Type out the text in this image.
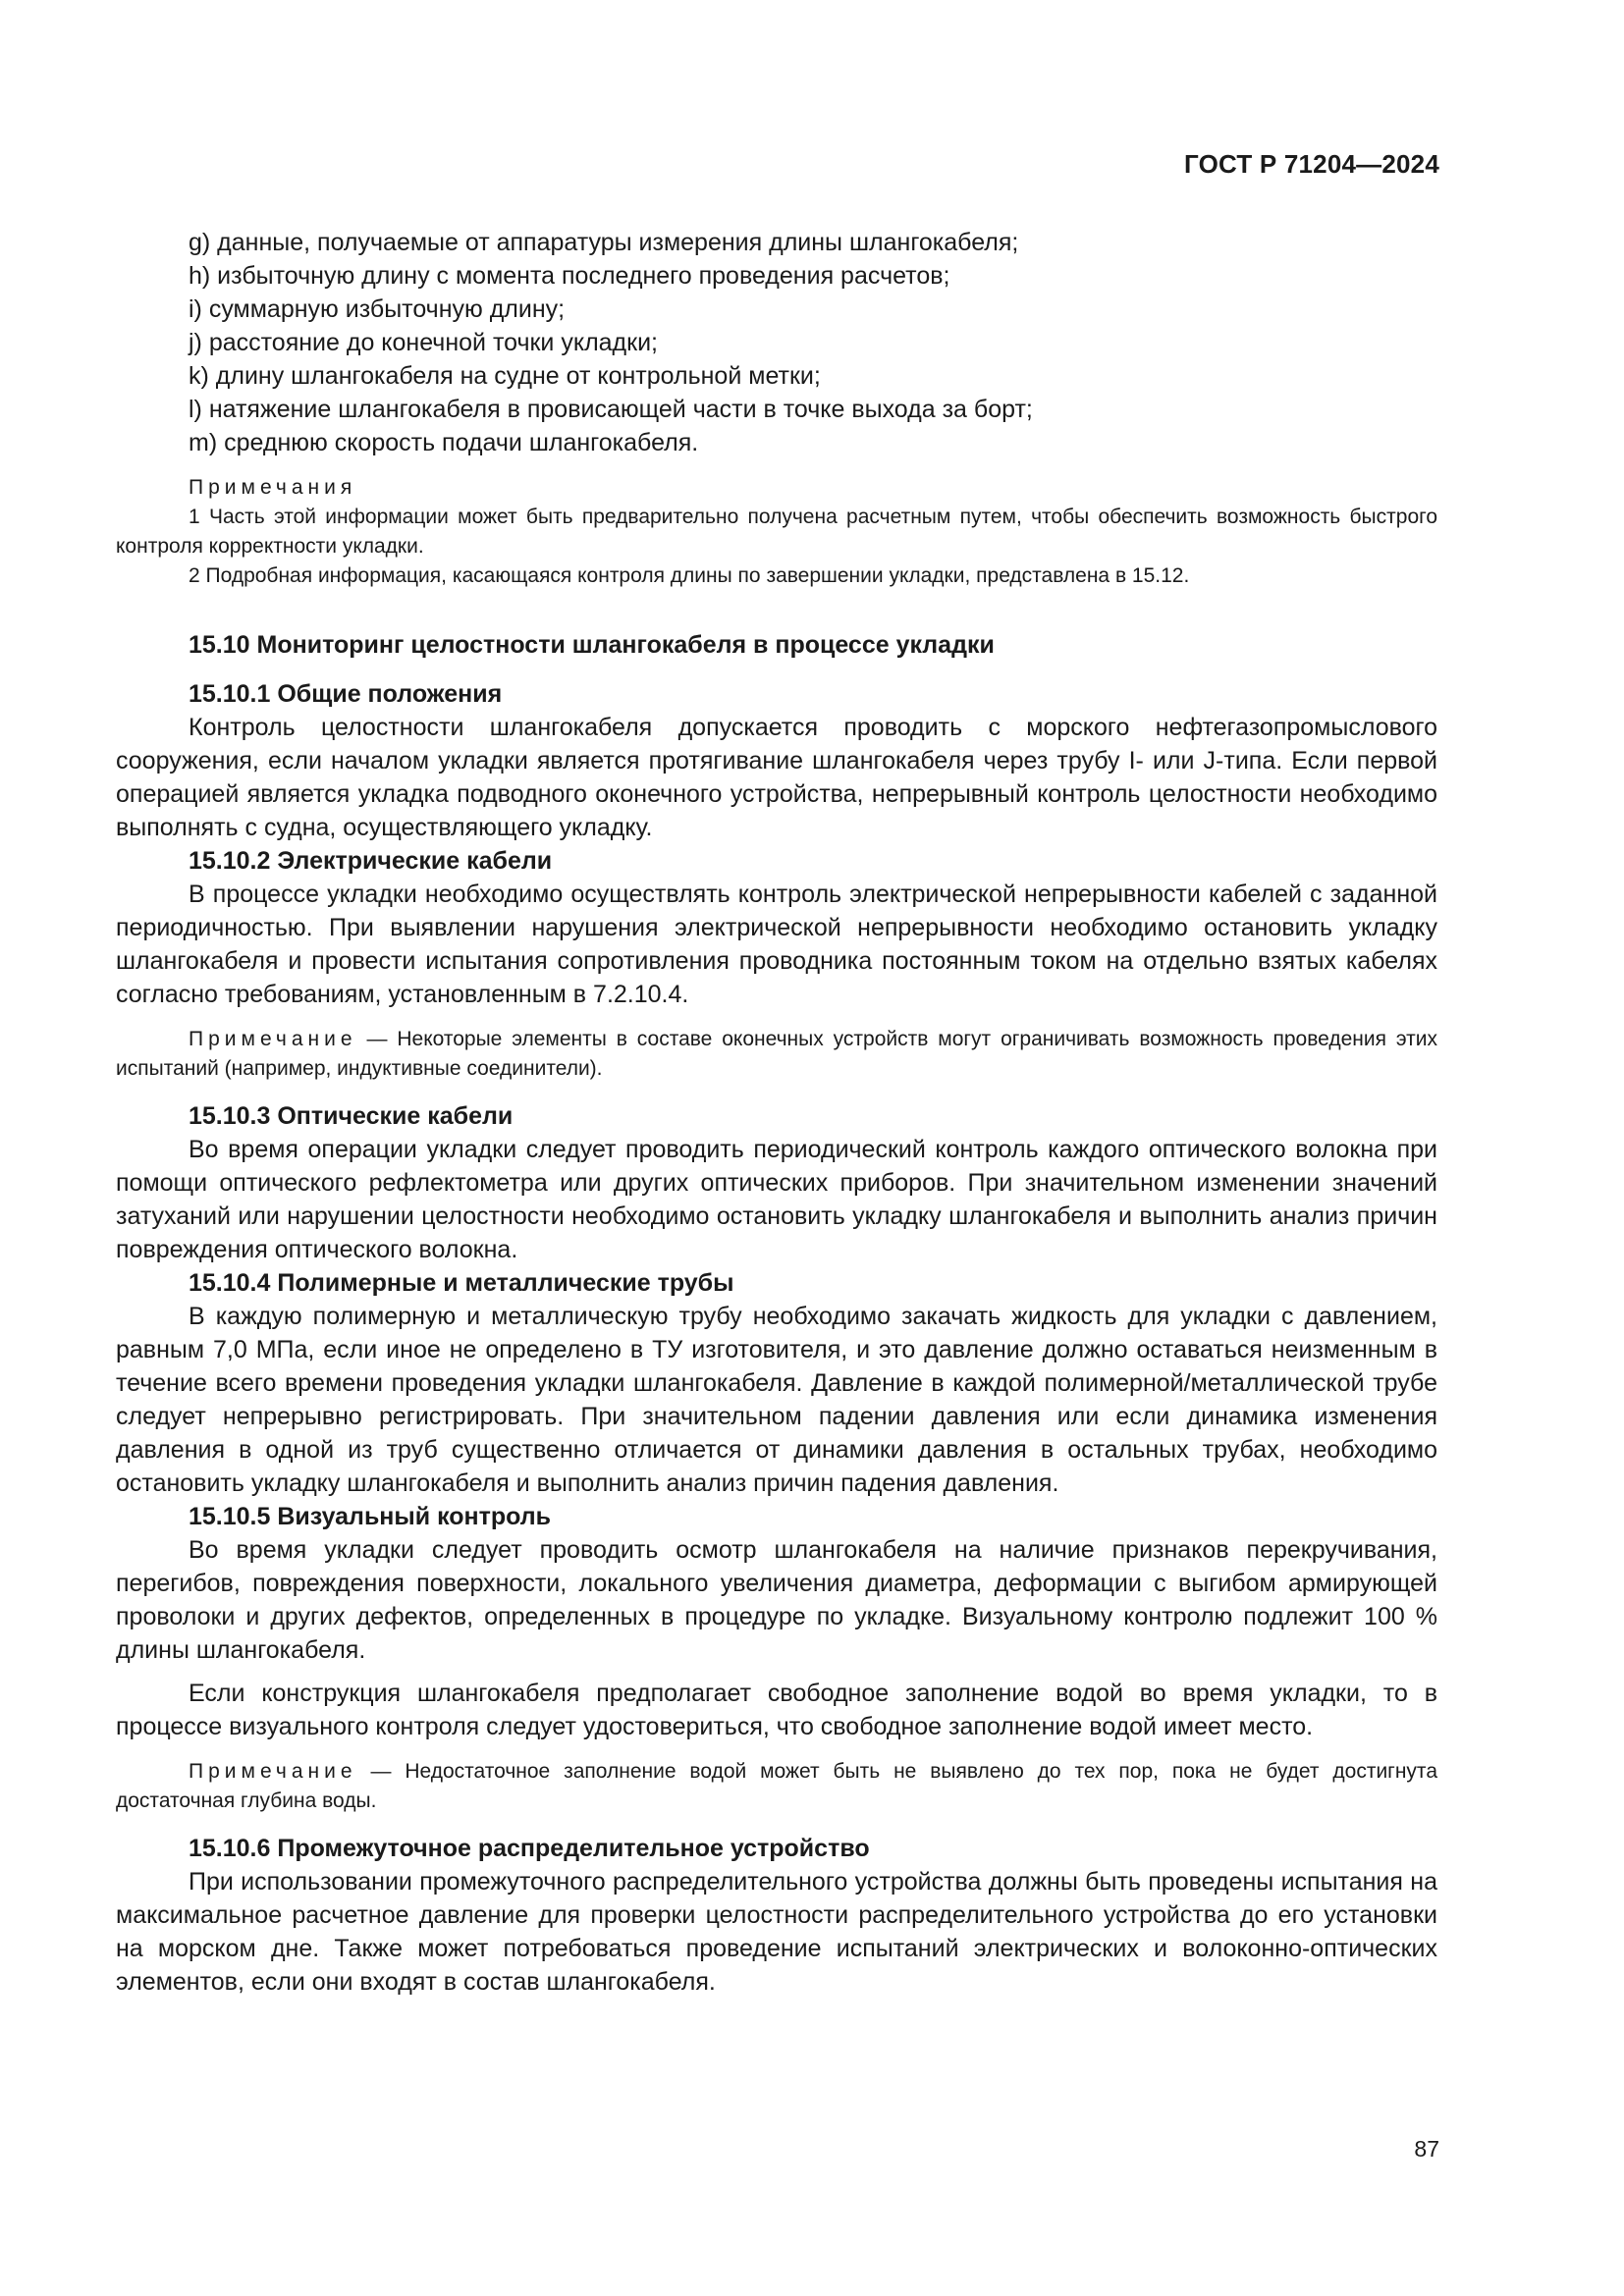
ГОСТ Р 71204—2024
g) данные, получаемые от аппаратуры измерения длины шлангокабеля;
h) избыточную длину с момента последнего проведения расчетов;
i) суммарную избыточную длину;
j) расстояние до конечной точки укладки;
k) длину шлангокабеля на судне от контрольной метки;
l) натяжение шлангокабеля в провисающей части в точке выхода за борт;
m) среднюю скорость подачи шлангокабеля.
Примечания
1 Часть этой информации может быть предварительно получена расчетным путем, чтобы обеспечить возможность быстрого контроля корректности укладки.
2 Подробная информация, касающаяся контроля длины по завершении укладки, представлена в 15.12.
15.10 Мониторинг целостности шлангокабеля в процессе укладки
15.10.1 Общие положения
Контроль целостности шлангокабеля допускается проводить с морского нефтегазопромыслового сооружения, если началом укладки является протягивание шлангокабеля через трубу I- или J-типа. Если первой операцией является укладка подводного оконечного устройства, непрерывный контроль целостности необходимо выполнять с судна, осуществляющего укладку.
15.10.2 Электрические кабели
В процессе укладки необходимо осуществлять контроль электрической непрерывности кабелей с заданной периодичностью. При выявлении нарушения электрической непрерывности необходимо остановить укладку шлангокабеля и провести испытания сопротивления проводника постоянным током на отдельно взятых кабелях согласно требованиям, установленным в 7.2.10.4.
Примечание — Некоторые элементы в составе оконечных устройств могут ограничивать возможность проведения этих испытаний (например, индуктивные соединители).
15.10.3 Оптические кабели
Во время операции укладки следует проводить периодический контроль каждого оптического волокна при помощи оптического рефлектометра или других оптических приборов. При значительном изменении значений затуханий или нарушении целостности необходимо остановить укладку шлангокабеля и выполнить анализ причин повреждения оптического волокна.
15.10.4 Полимерные и металлические трубы
В каждую полимерную и металлическую трубу необходимо закачать жидкость для укладки с давлением, равным 7,0 МПа, если иное не определено в ТУ изготовителя, и это давление должно оставаться неизменным в течение всего времени проведения укладки шлангокабеля. Давление в каждой полимерной/металлической трубе следует непрерывно регистрировать. При значительном падении давления или если динамика изменения давления в одной из труб существенно отличается от динамики давления в остальных трубах, необходимо остановить укладку шлангокабеля и выполнить анализ причин падения давления.
15.10.5 Визуальный контроль
Во время укладки следует проводить осмотр шлангокабеля на наличие признаков перекручивания, перегибов, повреждения поверхности, локального увеличения диаметра, деформации с выгибом армирующей проволоки и других дефектов, определенных в процедуре по укладке. Визуальному контролю подлежит 100 % длины шлангокабеля.
Если конструкция шлангокабеля предполагает свободное заполнение водой во время укладки, то в процессе визуального контроля следует удостовериться, что свободное заполнение водой имеет место.
Примечание — Недостаточное заполнение водой может быть не выявлено до тех пор, пока не будет достигнута достаточная глубина воды.
15.10.6 Промежуточное распределительное устройство
При использовании промежуточного распределительного устройства должны быть проведены испытания на максимальное расчетное давление для проверки целостности распределительного устройства до его установки на морском дне. Также может потребоваться проведение испытаний электрических и волоконно-оптических элементов, если они входят в состав шлангокабеля.
87
